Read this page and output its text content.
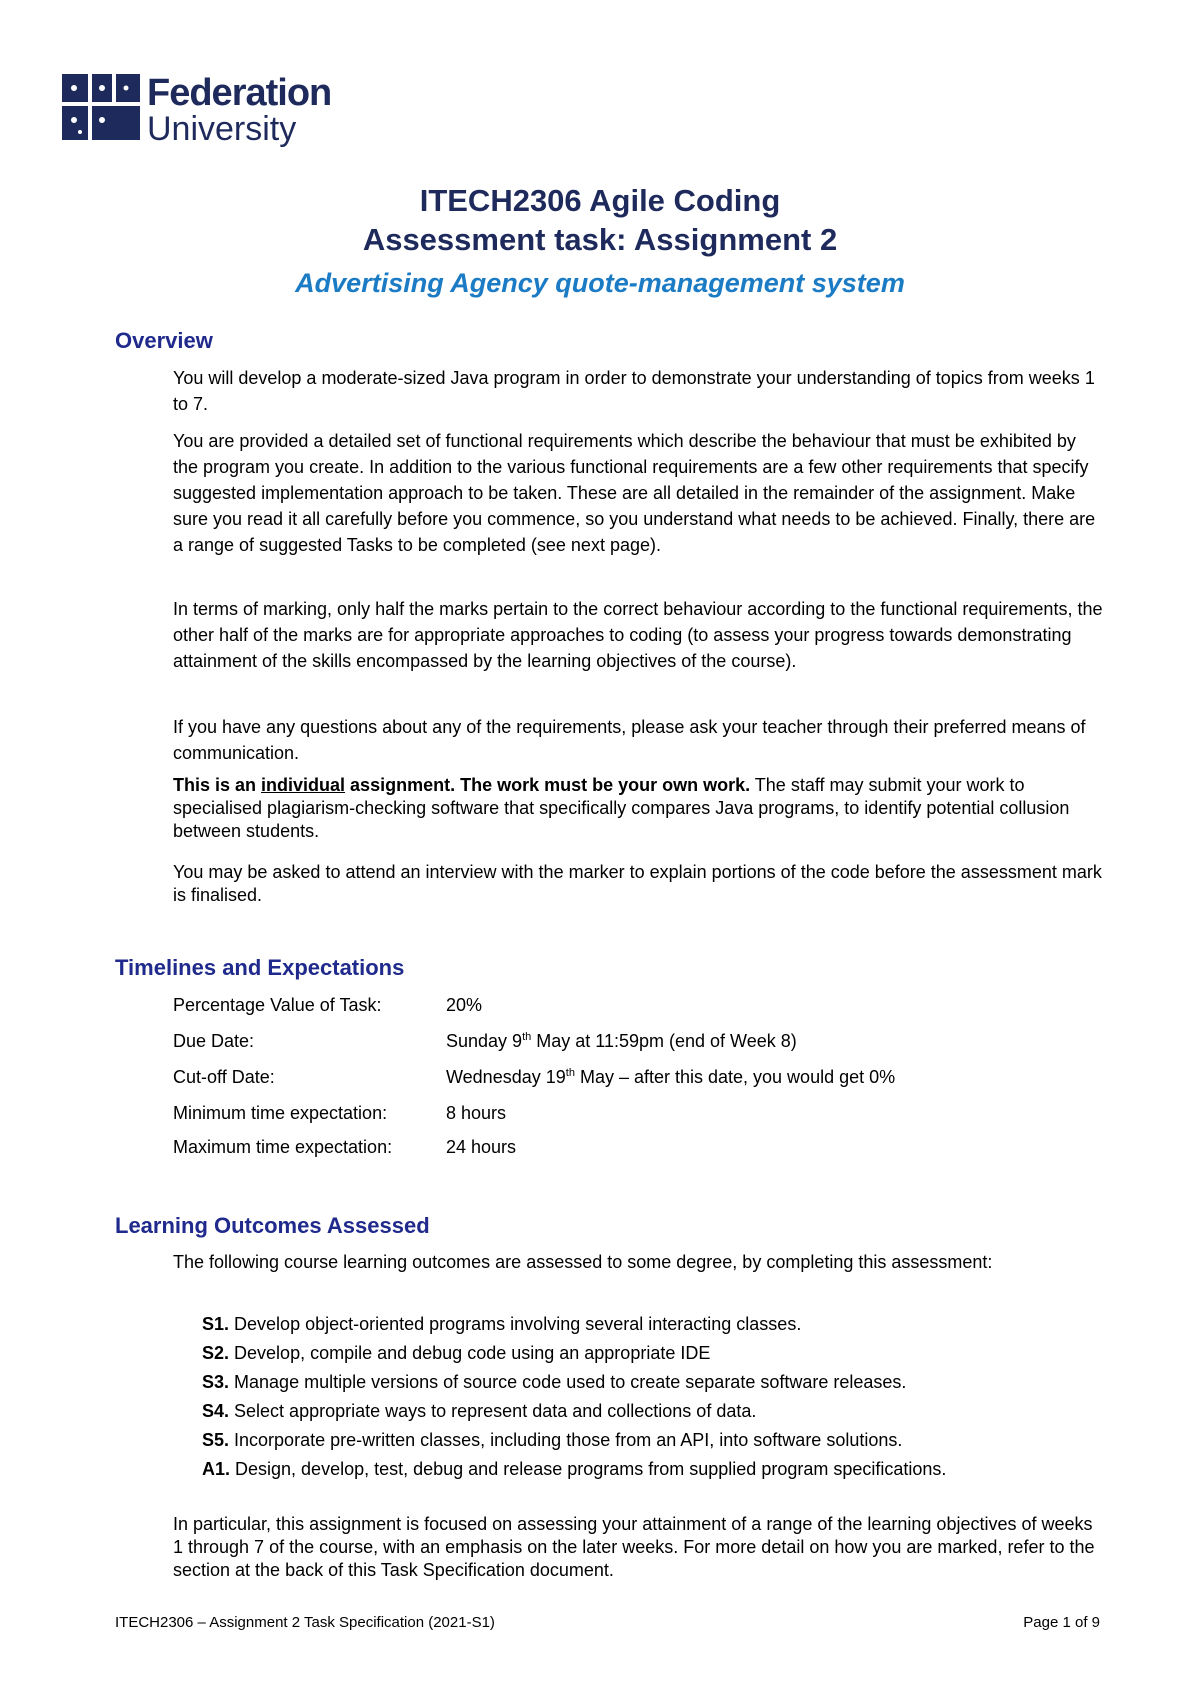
Federation
University
ITECH2306 Agile Coding
Assessment task: Assignment 2
Advertising Agency quote-management system
Overview
You will develop a moderate-sized Java program in order to demonstrate your understanding of topics from weeks 1 to 7.
You are provided a detailed set of functional requirements which describe the behaviour that must be exhibited by the program you create. In addition to the various functional requirements are a few other requirements that specify suggested implementation approach to be taken. These are all detailed in the remainder of the assignment. Make sure you read it all carefully before you commence, so you understand what needs to be achieved. Finally, there are a range of suggested Tasks to be completed (see next page).
In terms of marking, only half the marks pertain to the correct behaviour according to the functional requirements, the other half of the marks are for appropriate approaches to coding (to assess your progress towards demonstrating attainment of the skills encompassed by the learning objectives of the course).
If you have any questions about any of the requirements, please ask your teacher through their preferred means of communication.
This is an individual assignment. The work must be your own work. The staff may submit your work to specialised plagiarism-checking software that specifically compares Java programs, to identify potential collusion between students.
You may be asked to attend an interview with the marker to explain portions of the code before the assessment mark is finalised.
Timelines and Expectations
Percentage Value of Task:	20%
Due Date:	Sunday 9th May at 11:59pm (end of Week 8)
Cut-off Date:	Wednesday 19th May – after this date, you would get 0%
Minimum time expectation:	8 hours
Maximum time expectation:	24 hours
Learning Outcomes Assessed
The following course learning outcomes are assessed to some degree, by completing this assessment:
S1. Develop object-oriented programs involving several interacting classes.
S2. Develop, compile and debug code using an appropriate IDE
S3. Manage multiple versions of source code used to create separate software releases.
S4. Select appropriate ways to represent data and collections of data.
S5. Incorporate pre-written classes, including those from an API, into software solutions.
A1. Design, develop, test, debug and release programs from supplied program specifications.
In particular, this assignment is focused on assessing your attainment of a range of the learning objectives of weeks 1 through 7 of the course, with an emphasis on the later weeks. For more detail on how you are marked, refer to the section at the back of this Task Specification document.
ITECH2306 – Assignment 2 Task Specification (2021-S1)	Page 1 of 9
